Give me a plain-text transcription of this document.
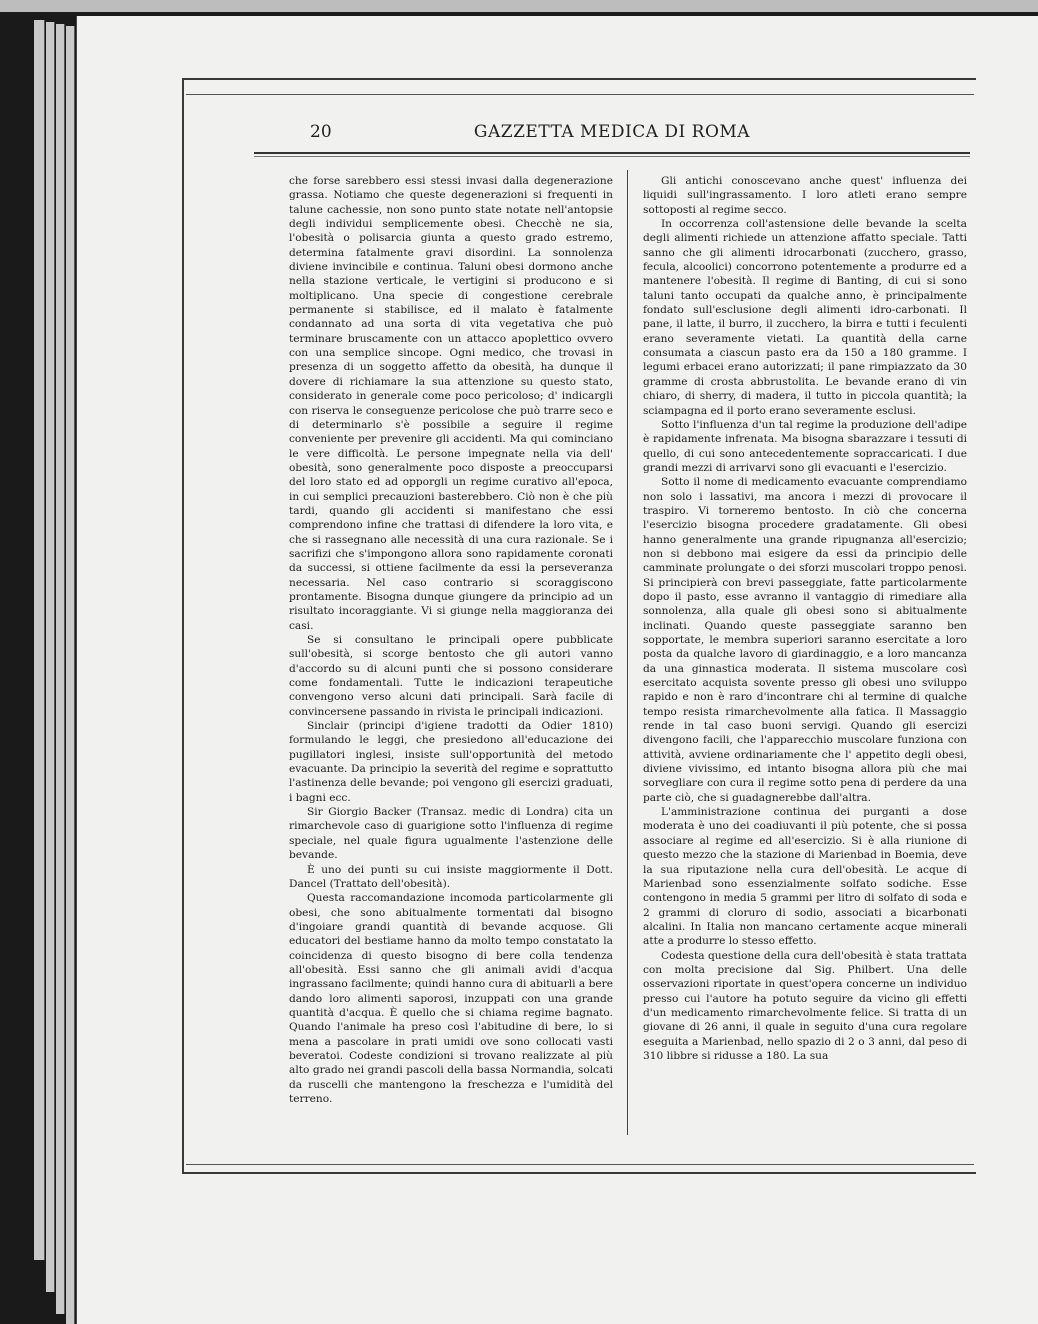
20	GAZZETTA MEDICA DI ROMA

che forse sarebbero essi stessi invasi dalla degenerazione grassa. Notiamo che queste degenerazioni si frequenti in talune cachessie, non sono punto state notate nell'antopsie degli individui semplicemente obesi. Checchè ne sia, l'obesità o polisarcia giunta a questo grado estremo, determina fatalmente gravi disordini. La sonnolenza diviene invincibile e continua. Taluni obesi dormono anche nella stazione verticale, le vertigini si producono e si moltiplicano. Una specie di congestione cerebrale permanente si stabilisce, ed il malato è fatalmente condannato ad una sorta di vita vegetativa che può terminare bruscamente con un attacco apoplettico ovvero con una semplice sincope. Ogni medico, che trovasi in presenza di un soggetto affetto da obesità, ha dunque il dovere di richiamare la sua attenzione su questo stato, considerato in generale come poco pericoloso; d' indicargli con riserva le conseguenze pericolose che può trarre seco e di determinarlo s'è possibile a seguire il regime conveniente per prevenire gli accidenti. Ma qui cominciano le vere difficoltà. Le persone impegnate nella via dell' obesità, sono generalmente poco disposte a preoccuparsi del loro stato ed ad opporgli un regime curativo all'epoca, in cui semplici precauzioni basterebbero. Ciò non è che più tardi, quando gli accidenti si manifestano che essi comprendono infine che trattasi di difendere la loro vita, e che si rassegnano alle necessità di una cura razionale. Se i sacrifizi che s'impongono allora sono rapidamente coronati da successi, si ottiene facilmente da essi la perseveranza necessaria. Nel caso contrario si scoraggiscono prontamente. Bisogna dunque giungere da principio ad un risultato incoraggiante. Vi si giunge nella maggioranza dei casi.

Se si consultano le principali opere pubblicate sull'obesità, si scorge bentosto che gli autori vanno d'accordo su di alcuni punti che si possono considerare come fondamentali. Tutte le indicazioni terapeutiche convengono verso alcuni dati principali. Sarà facile di convincersene passando in rivista le principali indicazioni.

Sinclair (principi d'igiene tradotti da Odier 1810) formulando le leggi, che presiedono all'educazione dei pugillatori inglesi, insiste sull'opportunità del metodo evacuante. Da principio la severità del regime e soprattutto l'astinenza delle bevande; poi vengono gli esercizi graduati, i bagni ecc.

Sir Giorgio Backer (Transaz. medic di Londra) cita un rimarchevole caso di guarigione sotto l'influenza di regime speciale, nel quale figura ugualmente l'astenzione delle bevande.

È uno dei punti su cui insiste maggiormente il Dott. Dancel (Trattato dell'obesità).

Questa raccomandazione incomoda particolarmente gli obesi, che sono abitualmente tormentati dal bisogno d'ingoiare grandi quantità di bevande acquose. Gli educatori del bestiame hanno da molto tempo constatato la coincidenza di questo bisogno di bere colla tendenza all'obesità. Essi sanno che gli animali avidi d'acqua ingrassano facilmente; quindi hanno cura di abituarli a bere dando loro alimenti saporosi, inzuppati con una grande quantità d'acqua. È quello che si chiama regime bagnato. Quando l'animale ha preso così l'abitudine di bere, lo si mena a pascolare in prati umidi ove sono collocati vasti beveratoi. Codeste condizioni si trovano realizzate al più alto grado nei grandi pascoli della bassa Normandia, solcati da ruscelli che mantengono la freschezza e l'umidità del terreno.

Gli antichi conoscevano anche quest' influenza dei liquidi sull'ingrassamento. I loro atleti erano sempre sottoposti al regime secco.

In occorrenza coll'astensione delle bevande la scelta degli alimenti richiede un attenzione affatto speciale. Tatti sanno che gli alimenti idrocarbonati (zucchero, grasso, fecula, alcoolici) concorrono potentemente a produrre ed a mantenere l'obesità. Il regime di Banting, di cui si sono taluni tanto occupati da qualche anno, è principalmente fondato sull'esclusione degli alimenti idro-carbonati. Il pane, il latte, il burro, il zucchero, la birra e tutti i feculenti erano severamente vietati. La quantità della carne consumata a ciascun pasto era da 150 a 180 gramme. I legumi erbacei erano autorizzati; il pane rimpiazzato da 30 gramme di crosta abbrustolita. Le bevande erano di vin chiaro, di sherry, di madera, il tutto in piccola quantità; la sciampagna ed il porto erano severamente esclusi.

Sotto l'influenza d'un tal regime la produzione dell'adipe è rapidamente infrenata. Ma bisogna sbarazzare i tessuti di quello, di cui sono antecedentemente sopraccaricati. I due grandi mezzi di arrivarvi sono gli evacuanti e l'esercizio.

Sotto il nome di medicamento evacuante comprendiamo non solo i lassativi, ma ancora i mezzi di provocare il traspiro. Vi torneremo bentosto. In ciò che concerna l'esercizio bisogna procedere gradatamente. Gli obesi hanno generalmente una grande ripugnanza all'esercizio; non si debbono mai esigere da essi da principio delle camminate prolungate o dei sforzi muscolari troppo penosi. Si principierà con brevi passeggiate, fatte particolarmente dopo il pasto, esse avranno il vantaggio di rimediare alla sonnolenza, alla quale gli obesi sono si abitualmente inclinati. Quando queste passeggiate saranno ben sopportate, le membra superiori saranno esercitate a loro posta da qualche lavoro di giardinaggio, e a loro mancanza da una ginnastica moderata. Il sistema muscolare così esercitato acquista sovente presso gli obesi uno sviluppo rapido e non è raro d'incontrare chi al termine di qualche tempo resista rimarchevolmente alla fatica. Il Massaggio rende in tal caso buoni servigi. Quando gli esercizi divengono facili, che l'apparecchio muscolare funziona con attività, avviene ordinariamente che l' appetito degli obesi, diviene vivissimo, ed intanto bisogna allora più che mai sorvegliare con cura il regime sotto pena di perdere da una parte ciò, che si guadagnerebbe dall'altra.

L'amministrazione continua dei purganti a dose moderata è uno dei coadiuvanti il più potente, che si possa associare al regime ed all'esercizio. Si è alla riunione di questo mezzo che la stazione di Marienbad in Boemia, deve la sua riputazione nella cura dell'obesità. Le acque di Marienbad sono essenzialmente solfato sodiche. Esse contengono in media 5 grammi per litro di solfato di soda e 2 grammi di cloruro di sodio, associati a bicarbonati alcalini. In Italia non mancano certamente acque minerali atte a produrre lo stesso effetto.

Codesta questione della cura dell'obesità è stata trattata con molta precisione dal Sig. Philbert. Una delle osservazioni riportate in quest'opera concerne un individuo presso cui l'autore ha potuto seguire da vicino gli effetti d'un medicamento rimarchevolmente felice. Si tratta di un giovane di 26 anni, il quale in seguito d'una cura regolare eseguita a Marienbad, nello spazio di 2 o 3 anni, dal peso di 310 libbre si ridusse a 180. La sua
